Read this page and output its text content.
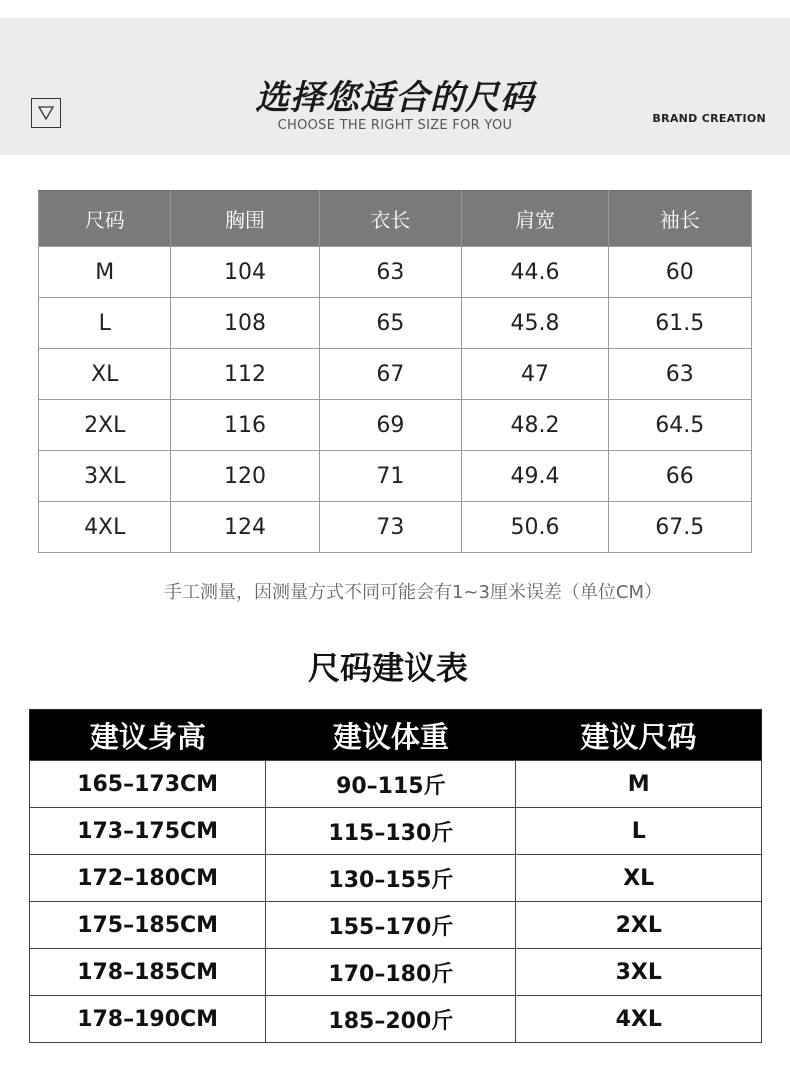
选择您适合的尺码
CHOOSE THE RIGHT SIZE FOR YOU	BRAND CREATION
尺码	胸围	衣长	肩宽	袖长
M	104	63	44.6	60
L	108	65	45.8	61.5
XL	112	67	47	63
2XL	116	69	48.2	64.5
3XL	120	71	49.4	66
4XL	124	73	50.6	67.5
手工测量，因测量方式不同可能会有1~3厘米误差（单位CM）
尺码建议表
建议身高	建议体重	建议尺码
165–173CM	90–115斤	M
173–175CM	115–130斤	L
172–180CM	130–155斤	XL
175–185CM	155–170斤	2XL
178–185CM	170–180斤	3XL
178–190CM	185–200斤	4XL
